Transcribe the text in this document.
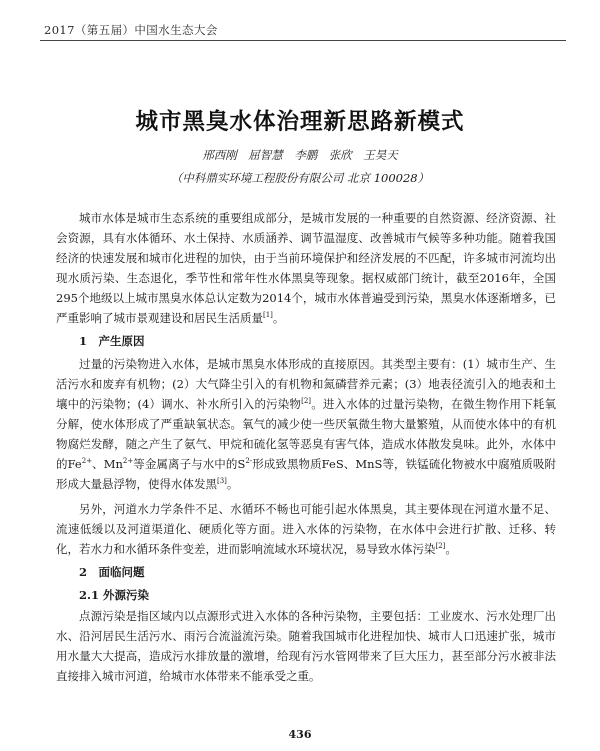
2017（第五届）中国水生态大会
城市黑臭水体治理新思路新模式
邢西刚　屈智慧　李鹏　张欣　王昊天
（中科鼎实环境工程股份有限公司 北京 100028）

城市水体是城市生态系统的重要组成部分，是城市发展的一种重要的自然资源、经济资源、社会资源，具有水体循环、水土保持、水质涵养、调节温湿度、改善城市气候等多种功能。随着我国经济的快速发展和城市化进程的加快，由于当前环境保护和经济发展的不匹配，许多城市河流均出现水质污染、生态退化，季节性和常年性水体黑臭等现象。据权威部门统计，截至2016年，全国295个地级以上城市黑臭水体总认定数为2014个，城市水体普遍受到污染，黑臭水体逐渐增多，已严重影响了城市景观建设和居民生活质量[1]。

1　产生原因

过量的污染物进入水体，是城市黑臭水体形成的直接原因。其类型主要有：(1）城市生产、生活污水和废弃有机物；(2）大气降尘引入的有机物和氮磷营养元素；(3）地表径流引入的地表和土壤中的污染物；(4）调水、补水所引入的污染物[2]。进入水体的过量污染物，在微生物作用下耗氧分解，使水体形成了严重缺氧状态。氧气的减少使一些厌氧微生物大量繁殖，从而使水体中的有机物腐烂发酵，随之产生了氨气、甲烷和硫化氢等恶臭有害气体，造成水体散发臭味。此外，水体中的$Fe^{2+}$、$Mn^{2+}$等金属离子与水中的$S^{2-}$形成致黑物质FeS、MnS等，铁锰硫化物被水中腐殖质吸附形成大量悬浮物，使得水体发黑[3]。

另外，河道水力学条件不足、水循环不畅也可能引起水体黑臭，其主要体现在河道水量不足、流速低缓以及河道渠道化、硬质化等方面。进入水体的污染物，在水体中会进行扩散、迁移、转化，若水力和水循环条件变差，进而影响流域水环境状况，易导致水体污染[2]。

2　面临问题
2.1 外源污染

点源污染是指区域内以点源形式进入水体的各种污染物，主要包括：工业废水、污水处理厂出水、沿河居民生活污水、雨污合流溢流污染。随着我国城市化进程加快、城市人口迅速扩张，城市用水量大大提高，造成污水排放量的激增，给现有污水管网带来了巨大压力，甚至部分污水被非法直接排入城市河道，给城市水体带来不能承受之重。

436
